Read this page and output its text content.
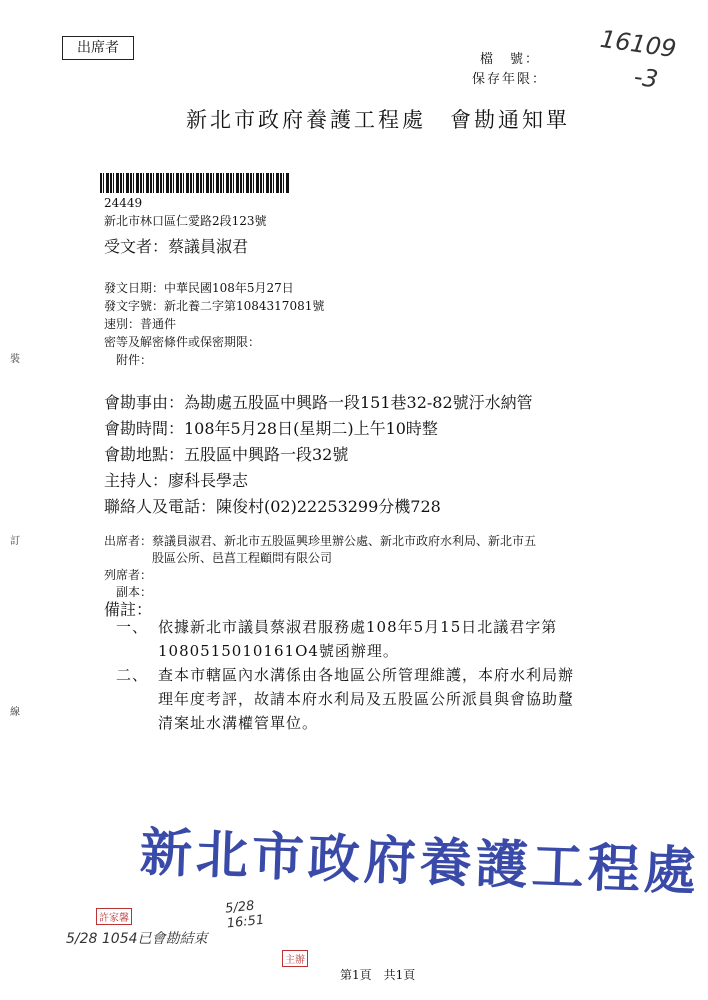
出席者
檔　號：
保存年限：
16109
-3
新北市政府養護工程處　會勘通知單
24449
新北市林口區仁愛路2段123號
受文者：蔡議員淑君
發文日期：中華民國108年5月27日
發文字號：新北養二字第1084317081號
速別：普通件
密等及解密條件或保密期限：
附件：
會勘事由：為勘處五股區中興路一段151巷32-82號汙水納管
會勘時間：108年5月28日(星期二)上午10時整
會勘地點：五股區中興路一段32號
主持人：廖科長學志
聯絡人及電話：陳俊村(02)22253299分機728
出席者：蔡議員淑君、新北市五股區興珍里辦公處、新北市政府水利局、新北市五
股區公所、邑菖工程顧問有限公司
列席者：
副本：
備註：
一、 依據新北市議員蔡淑君服務處108年5月15日北議君字第
1080515010161O4號函辦理。
二、 查本市轄區內水溝係由各地區公所管理維護，本府水利局辦
理年度考評，故請本府水利局及五股區公所派員與會協助釐
清案址水溝權管單位。
裝
訂
線
新北市政府養護工程處
許家馨
5/28 1054已會勘結束
5/28 16:51
主辦
第1頁　共1頁
